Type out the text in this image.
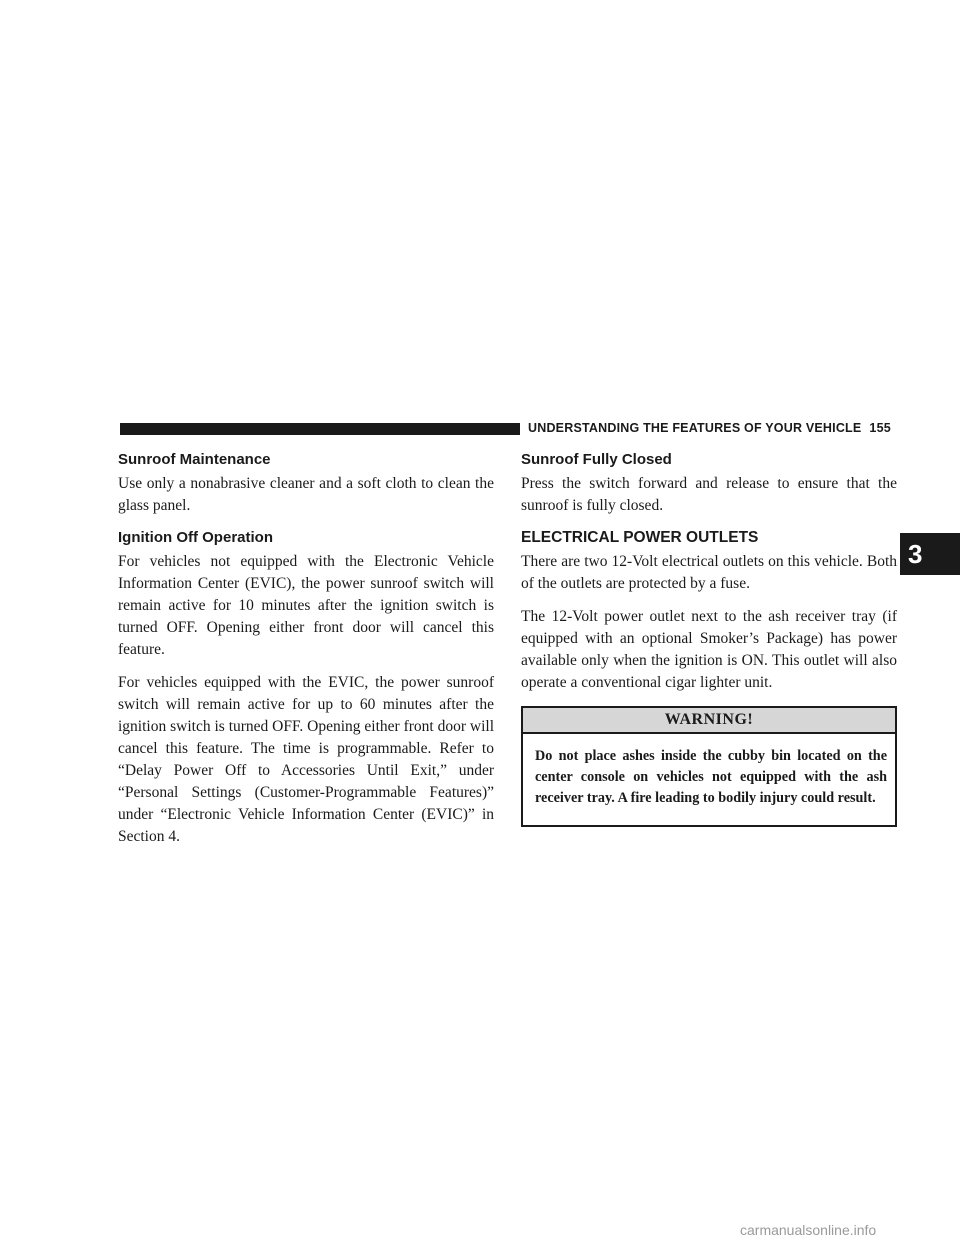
UNDERSTANDING THE FEATURES OF YOUR VEHICLE 155
Sunroof Maintenance

Use only a nonabrasive cleaner and a soft cloth to clean the glass panel.

Ignition Off Operation

For vehicles not equipped with the Electronic Vehicle Information Center (EVIC), the power sunroof switch will remain active for 10 minutes after the ignition switch is turned OFF. Opening either front door will cancel this feature.

For vehicles equipped with the EVIC, the power sunroof switch will remain active for up to 60 minutes after the ignition switch is turned OFF. Opening either front door will cancel this feature. The time is programmable. Refer to “Delay Power Off to Accessories Until Exit,” under “Personal Settings (Customer-Programmable Features)” under “Electronic Vehicle Information Center (EVIC)” in Section 4.

Sunroof Fully Closed

Press the switch forward and release to ensure that the sunroof is fully closed.

ELECTRICAL POWER OUTLETS

There are two 12-Volt electrical outlets on this vehicle. Both of the outlets are protected by a fuse.

The 12-Volt power outlet next to the ash receiver tray (if equipped with an optional Smoker’s Package) has power available only when the ignition is ON. This outlet will also operate a conventional cigar lighter unit.

WARNING!
Do not place ashes inside the cubby bin located on the center console on vehicles not equipped with the ash receiver tray. A fire leading to bodily injury could result.
3
carmanualsonline.info
